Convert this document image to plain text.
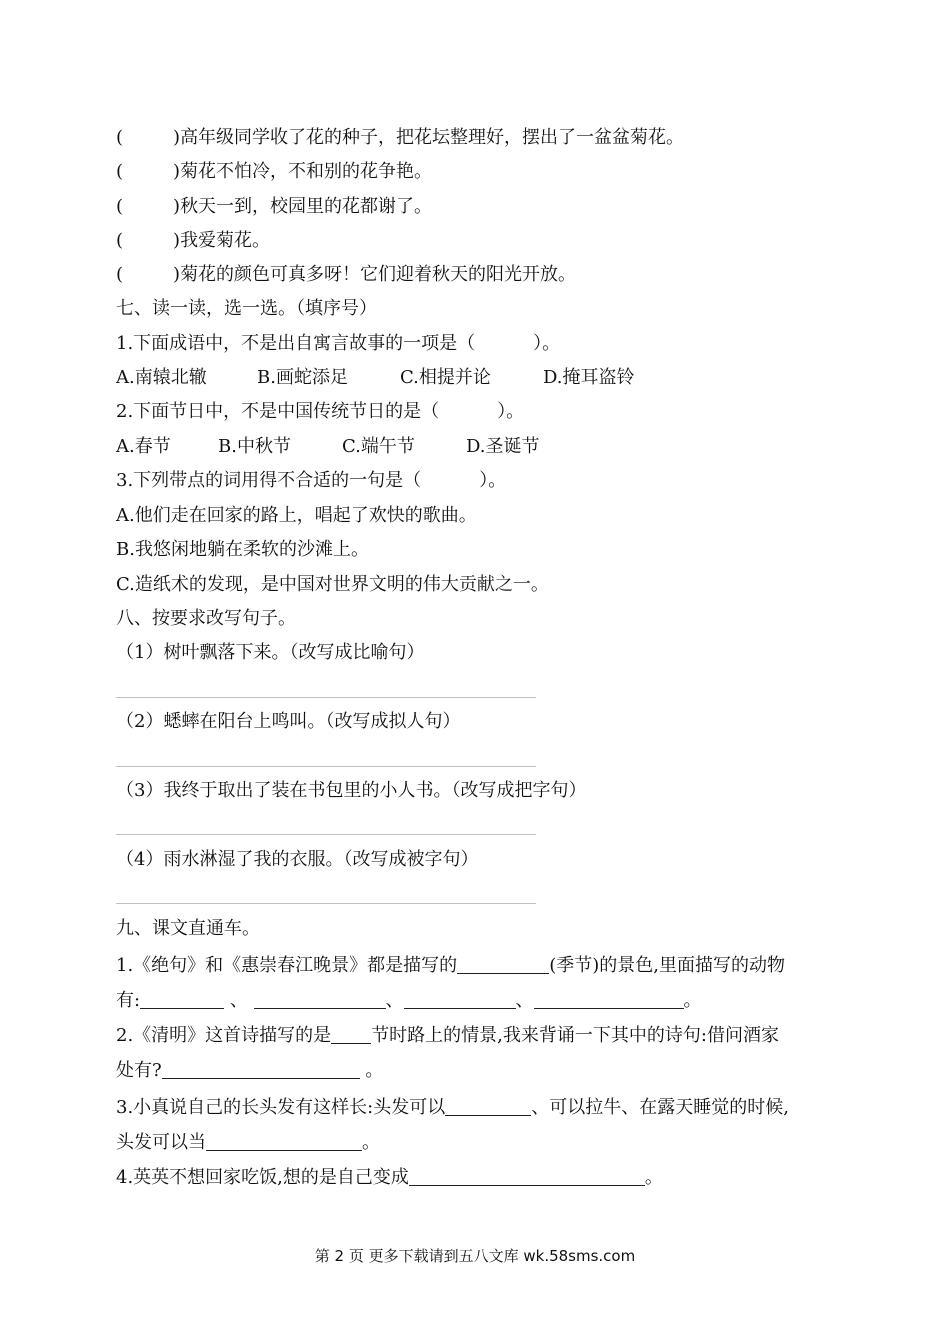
(	)高年级同学收了花的种子，把花坛整理好，摆出了一盆盆菊花。
(	)菊花不怕冷，不和别的花争艳。
(	)秋天一到，校园里的花都谢了。
(	)我爱菊花。
(	)菊花的颜色可真多呀！它们迎着秋天的阳光开放。
七、读一读，选一选。（填序号）
1.下面成语中，不是出自寓言故事的一项是（	）。
A.南辕北辙	B.画蛇添足	C.相提并论	D.掩耳盗铃
2.下面节日中，不是中国传统节日的是（	）。
A.春节	B.中秋节	C.端午节	D.圣诞节
3.下列带点的词用得不合适的一句是（	）。
A.他们走在回家的路上，唱起了欢快的歌曲。
B.我悠闲地躺在柔软的沙滩上。
C.造纸术的发现，是中国对世界文明的伟大贡献之一。
八、按要求改写句子。
（1）树叶飘落下来。（改写成比喻句）
（2）蟋蟀在阳台上鸣叫。（改写成拟人句）
（3）我终于取出了装在书包里的小人书。（改写成把字句）
（4）雨水淋湿了我的衣服。（改写成被字句）
九、课文直通车。
1.《绝句》和《惠崇春江晚景》都是描写的	(季节)的景色,里面描写的动物
有:	、	、	、	。
2.《清明》这首诗描写的是 节时路上的情景,我来背诵一下其中的诗句:借问酒家
处有?	。
3.小真说自己的长头发有这样长:头发可以	、可以拉牛、在露天睡觉的时候,
头发可以当	。
4.英英不想回家吃饭,想的是自己变成	。
第 2 页 更多下载请到五八文库 wk.58sms.com
